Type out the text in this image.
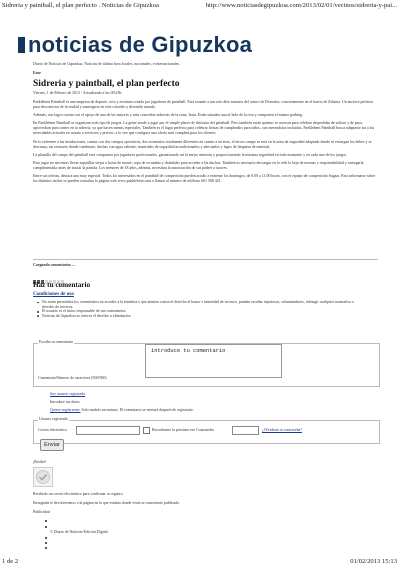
Sidreria y paintball, el plan perfecto . Noticias de Gipuzkoa	http://www.noticiasdegipuzkoa.com/2013/02/01/vecinos/sidreria-y-pai...
noticias de Gipuzkoa
Diario de Noticias de Gipuzkoa. Noticias de última hora locales, nacionales, e internacionales.
Ezor
Sidreria y paintball, el plan perfecto
Viernes, 1 de Febrero de 2013 - Actualizado a las 00:25h

Paeklebeni Paintball es una empresa de deporte, ocio y aventura creada por jugadores de paintball. Está situado a tan solo diez minutos del centro de Donostia, concretamente en el barrio de Zubieta. Un enclave perfecto para desconectar de la ciudad y sumergirse en este colorido y divertido mundo.

Además, con lagos cuenta con el apoyo de una de las mejores y más conocidas sidrerías de la zona, Irain. Están situados una al lado de la otra y comparten el mismo parking.

En Paeklebeni Paintball se organizan todo tipo de juegos. La gente acude a jugar por el simple placer de disfrutar del paintball. Pero también están quienes se acercan para celebrar despedidas de soltero y de paso, aprovechan para comer en la sidrería, ya que hacen menús especiales. También es el lugar perfecto para celebrar fiestas de cumpleaños para niños, con merendolas incluidas. Paeklebeni Paintball busca adaptarse así a las necesidades actuales en cuanto a servicios y precios, a lo vez que configura una oferta más completa para los clientes.

En lo referente a las instalaciones, cuenta con dos campos operativos, dos escenarios totalmente diferentes en cuanto a tácticas, el tercer campo se está en la zona de seguridad adaptado donde se encargan los bebes y se descansa, un vestuario donde cambiarse, duchas con agua caliente, materiales de seguridad acondicionados y adecuados y lagos de limpieza de material.

La plantilla del campo del paintball está compuesta por jugadores profesionales, garantizando así la mejor atención y proporcionando la máxima seguridad en todo momento y en cada uno de los juegos.

Para jugar no necesitas llevar zapatillas viejas o botas de monte, ropa de recambio y chándales para acceder a las duchas. También es necesario descargar en la web la hoja de normas y responsabilidad y entregarla cumplimentada antes de iniciar la partida. Los menores de 18 años, además, necesitan la autorización de sus padres o tutores.

Entre sus ofertas, destaca una muy especial. Todos los interesados en el paintball de competición pueden acudir a entrenar los domingos, de 8.00 a 14.00 horas, con el equipo de competición Sugaar. Para informarse sobre los distintos tarifas se pueden consultar la página web www.paeklebeni.com o llamar al número de teléfono 661 568 441.

Cargando comentarios ...
Haz tu comentario
Condiciones de uso
No están permitidos los comentarios no acordes a la temática o que atenten contra el derecho al honor e intimidad de terceros, puedan resultar injuriosos, calumniadores, infringir cualquier normativa o derecho de terceros.
El usuario es el único responsable de sus comentarios.
Noticias de Gipuzkoa se reserva el derecho a eliminarlos.
Escribe tu comentario
introduce tu comentario
ComentarioNúmero de caracteres (500/500)
Soy usuario registrado
Introduce tus datos.
Quiero registrarme. Solo tendrás un minuto. El comentario se enviará después de registrarte.
Usuario registrado
Correo electrónico	Recordarme la próxima vez Contraseña	¿Olvidaste tu contraseña?
Enviar
¡Recibe!
Recibirás un correo electrónico para confirmar tu registro.
Enseguida te devolveremos a la página en la que estabas donde verás tu comentario publicado
Publicidad
© Diario de Noticias-Edición Digital
1 de 2	01/02/2013 15:13
